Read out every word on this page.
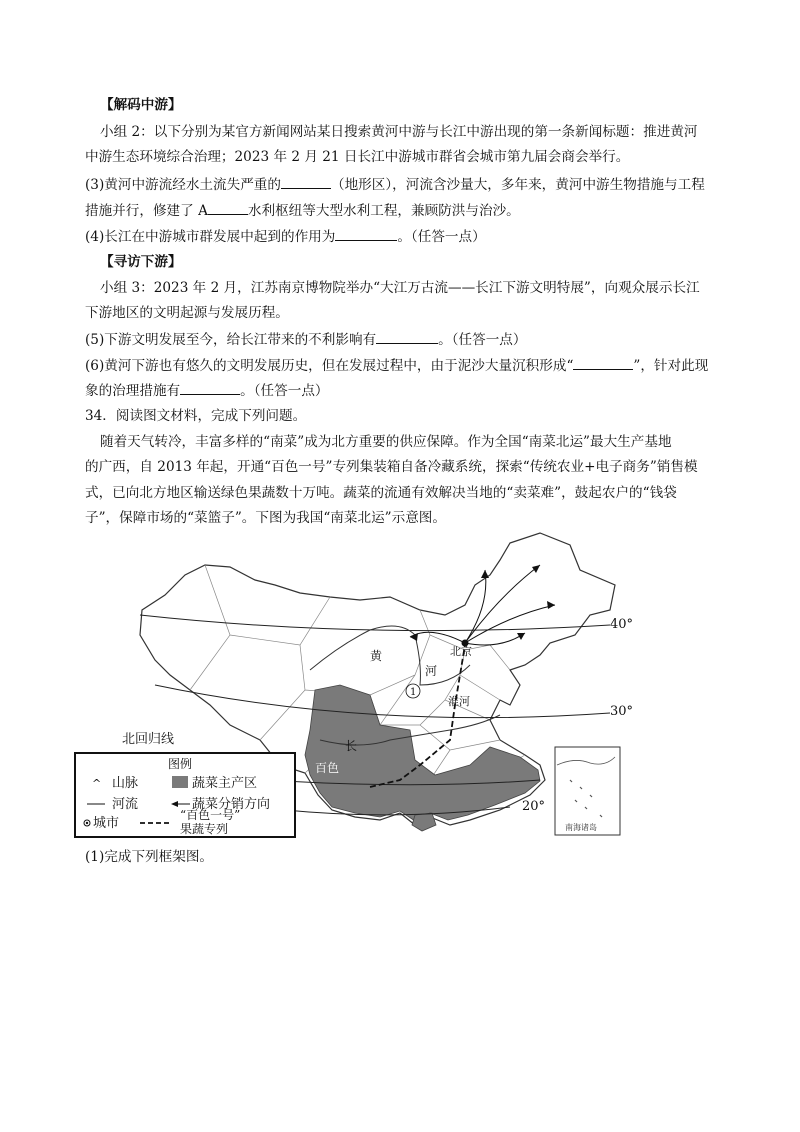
【解码中游】
小组 2：以下分别为某官方新闻网站某日搜索黄河中游与长江中游出现的第一条新闻标题：推进黄河
中游生态环境综合治理；2023 年 2 月 21 日长江中游城市群省会城市第九届会商会举行。
(3)黄河中游流经水土流失严重的	（地形区），河流含沙量大，多年来，黄河中游生物措施与工程
措施并行，修建了 A	水利枢纽等大型水利工程，兼顾防洪与治沙。
(4)长江在中游城市群发展中起到的作用为	。（任答一点）
【寻访下游】
小组 3：2023 年 2 月，江苏南京博物院举办“大江万古流——长江下游文明特展”，向观众展示长江
下游地区的文明起源与发展历程。
(5)下游文明发展至今，给长江带来的不利影响有	。（任答一点）
(6)黄河下游也有悠久的文明发展历史，但在发展过程中，由于泥沙大量沉积形成“	”，针对此现
象的治理措施有	。（任答一点）
34．阅读图文材料，完成下列问题。
随着天气转冷，丰富多样的“南菜”成为北方重要的供应保障。作为全国“南菜北运”最大生产基地
的广西，自 2013 年起，开通“百色一号”专列集装箱自备冷藏系统，探索“传统农业+电子商务”销售模
式，已向北方地区输送绿色果蔬数十万吨。蔬菜的流通有效解决当地的“卖菜难”，鼓起农户的“钱袋
子”，保障市场的“菜篮子”。下图为我国“南菜北运”示意图。
北京
黄
河
淮河
长
百色
1
40°
30°
20°
北回归线
南海诸岛
图例
^ 山脉	蔬菜主产区
河流	蔬菜分销方向
城市
“百色一号”
果蔬专列
(1)完成下列框架图。
